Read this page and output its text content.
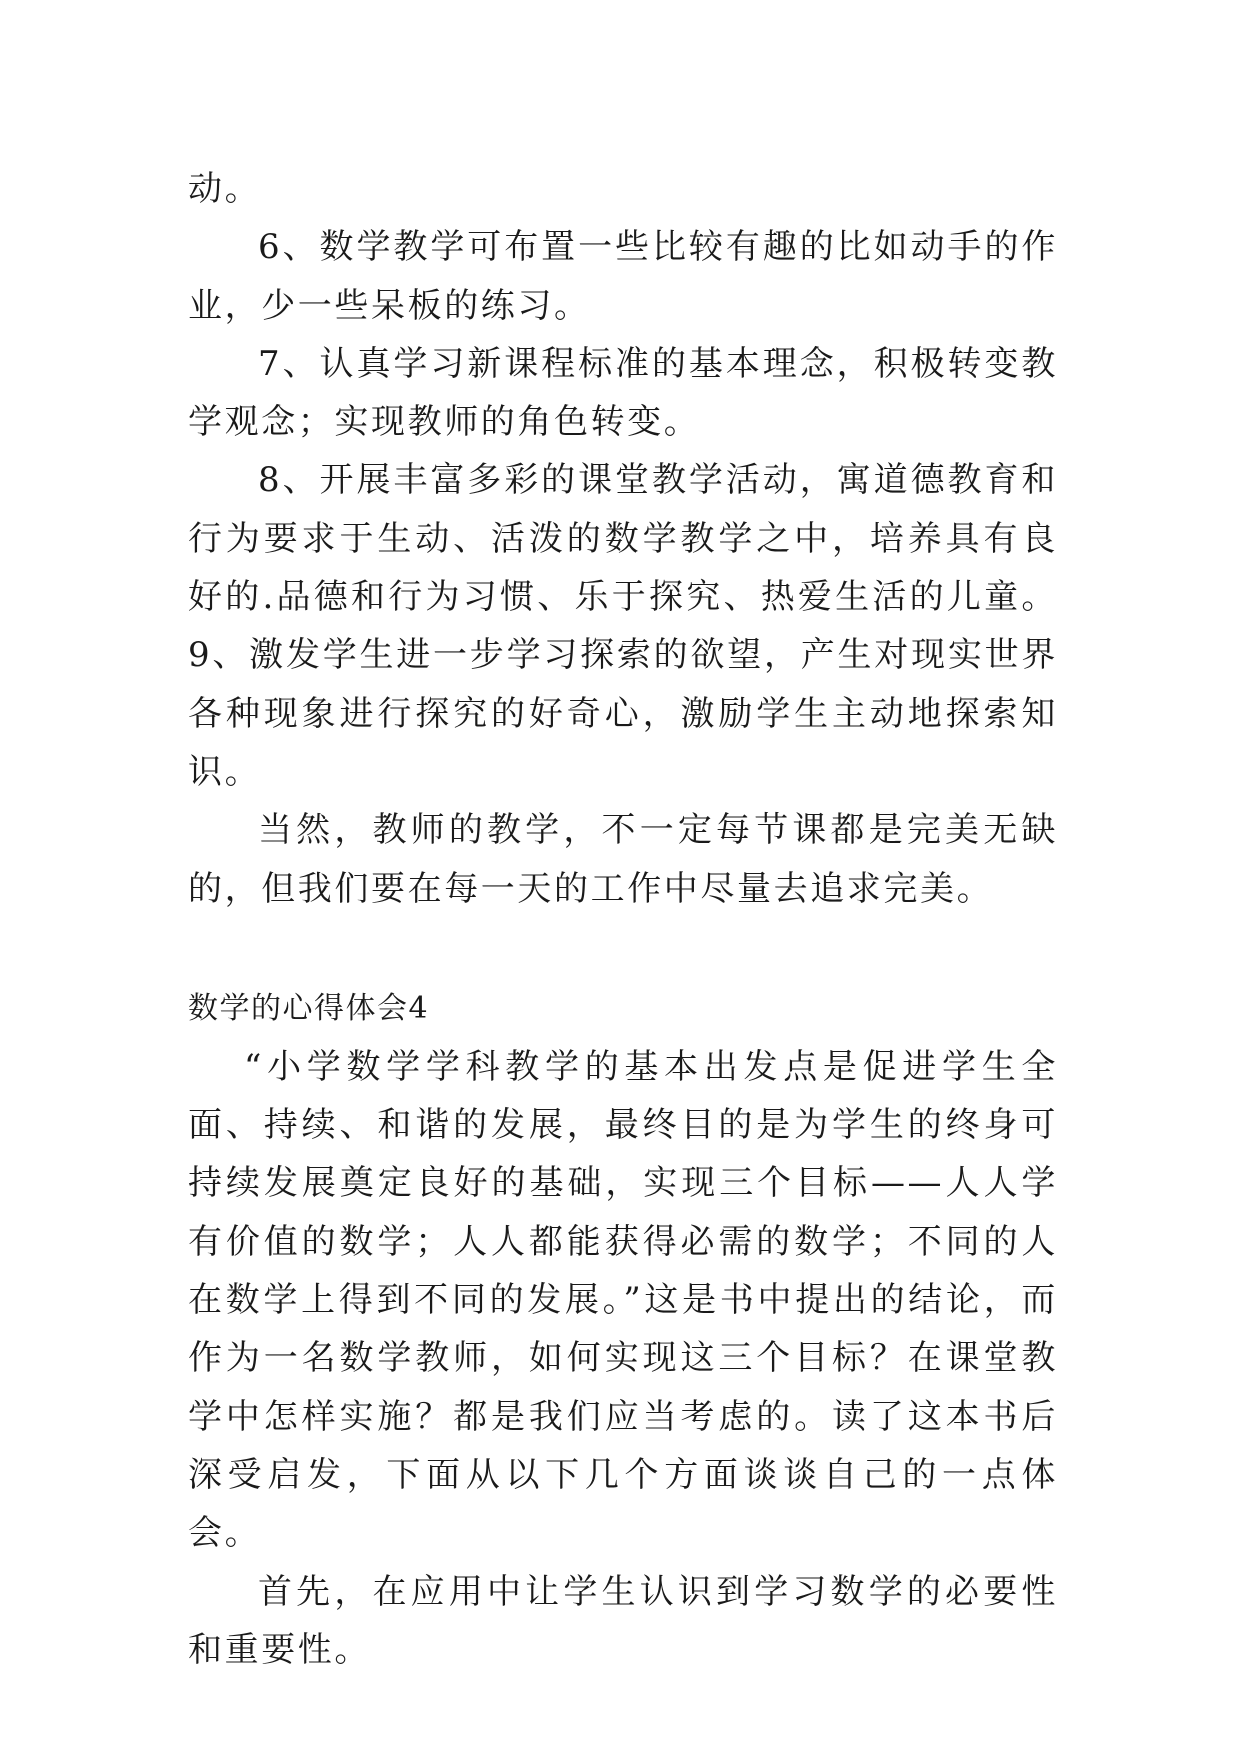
动。

6、数学教学可布置一些比较有趣的比如动手的作业，少一些呆板的练习。

7、认真学习新课程标准的基本理念，积极转变教学观念；实现教师的角色转变。

8、开展丰富多彩的课堂教学活动，寓道德教育和行为要求于生动、活泼的数学教学之中，培养具有良好的.品德和行为习惯、乐于探究、热爱生活的儿童。9、激发学生进一步学习探索的欲望，产生对现实世界各种现象进行探究的好奇心，激励学生主动地探索知识。

当然，教师的教学，不一定每节课都是完美无缺的，但我们要在每一天的工作中尽量去追求完美。

数学的心得体会4

“小学数学学科教学的基本出发点是促进学生全面、持续、和谐的发展，最终目的是为学生的终身可持续发展奠定良好的基础，实现三个目标——人人学有价值的数学；人人都能获得必需的数学；不同的人在数学上得到不同的发展。”这是书中提出的结论，而作为一名数学教师，如何实现这三个目标？在课堂教学中怎样实施？都是我们应当考虑的。读了这本书后深受启发，下面从以下几个方面谈谈自己的一点体会。

首先，在应用中让学生认识到学习数学的必要性和重要性。
